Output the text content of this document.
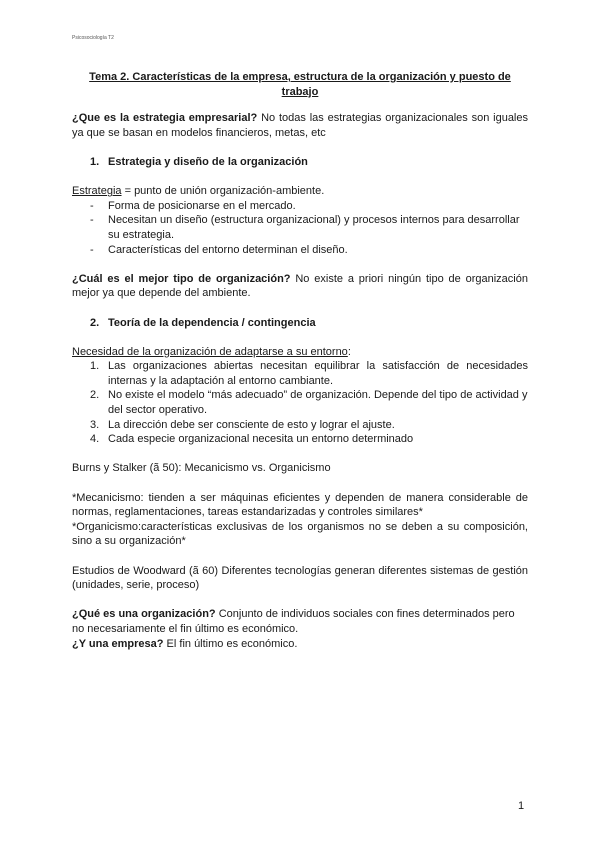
Psicosociología T2

Tema 2. Características de la empresa, estructura de la organización y puesto de trabajo

¿Que es la estrategia empresarial? No todas las estrategias organizacionales son iguales ya que se basan en modelos financieros, metas, etc

1. Estrategia y diseño de la organización

Estrategia = punto de unión organización-ambiente.

- Forma de posicionarse en el mercado.
- Necesitan un diseño (estructura organizacional) y procesos internos para desarrollar su estrategia.
- Características del entorno determinan el diseño.

¿Cuál es el mejor tipo de organización? No existe a priori ningún tipo de organización mejor ya que depende del ambiente.

2. Teoría de la dependencia / contingencia

Necesidad de la organización de adaptarse a su entorno:

1. Las organizaciones abiertas necesitan equilibrar la satisfacción de necesidades internas y la adaptación al entorno cambiante.
2. No existe el modelo “más adecuado” de organización. Depende del tipo de actividad y del sector operativo.
3. La dirección debe ser consciente de esto y lograr el ajuste.
4. Cada especie organizacional necesita un entorno determinado

Burns y Stalker (ã 50): Mecanicismo vs. Organicismo

*Mecanicismo: tienden a ser máquinas eficientes y dependen de manera considerable de normas, reglamentaciones, tareas estandarizadas y controles similares*

*Organicismo:características exclusivas de los organismos no se deben a su composición, sino a su organización*

Estudios de Woodward (ã 60) Diferentes tecnologías generan diferentes sistemas de gestión (unidades, serie, proceso)

¿Qué es una organización? Conjunto de individuos sociales con fines determinados pero no necesariamente el fin último es económico.

¿Y una empresa? El fin último es económico.

1
